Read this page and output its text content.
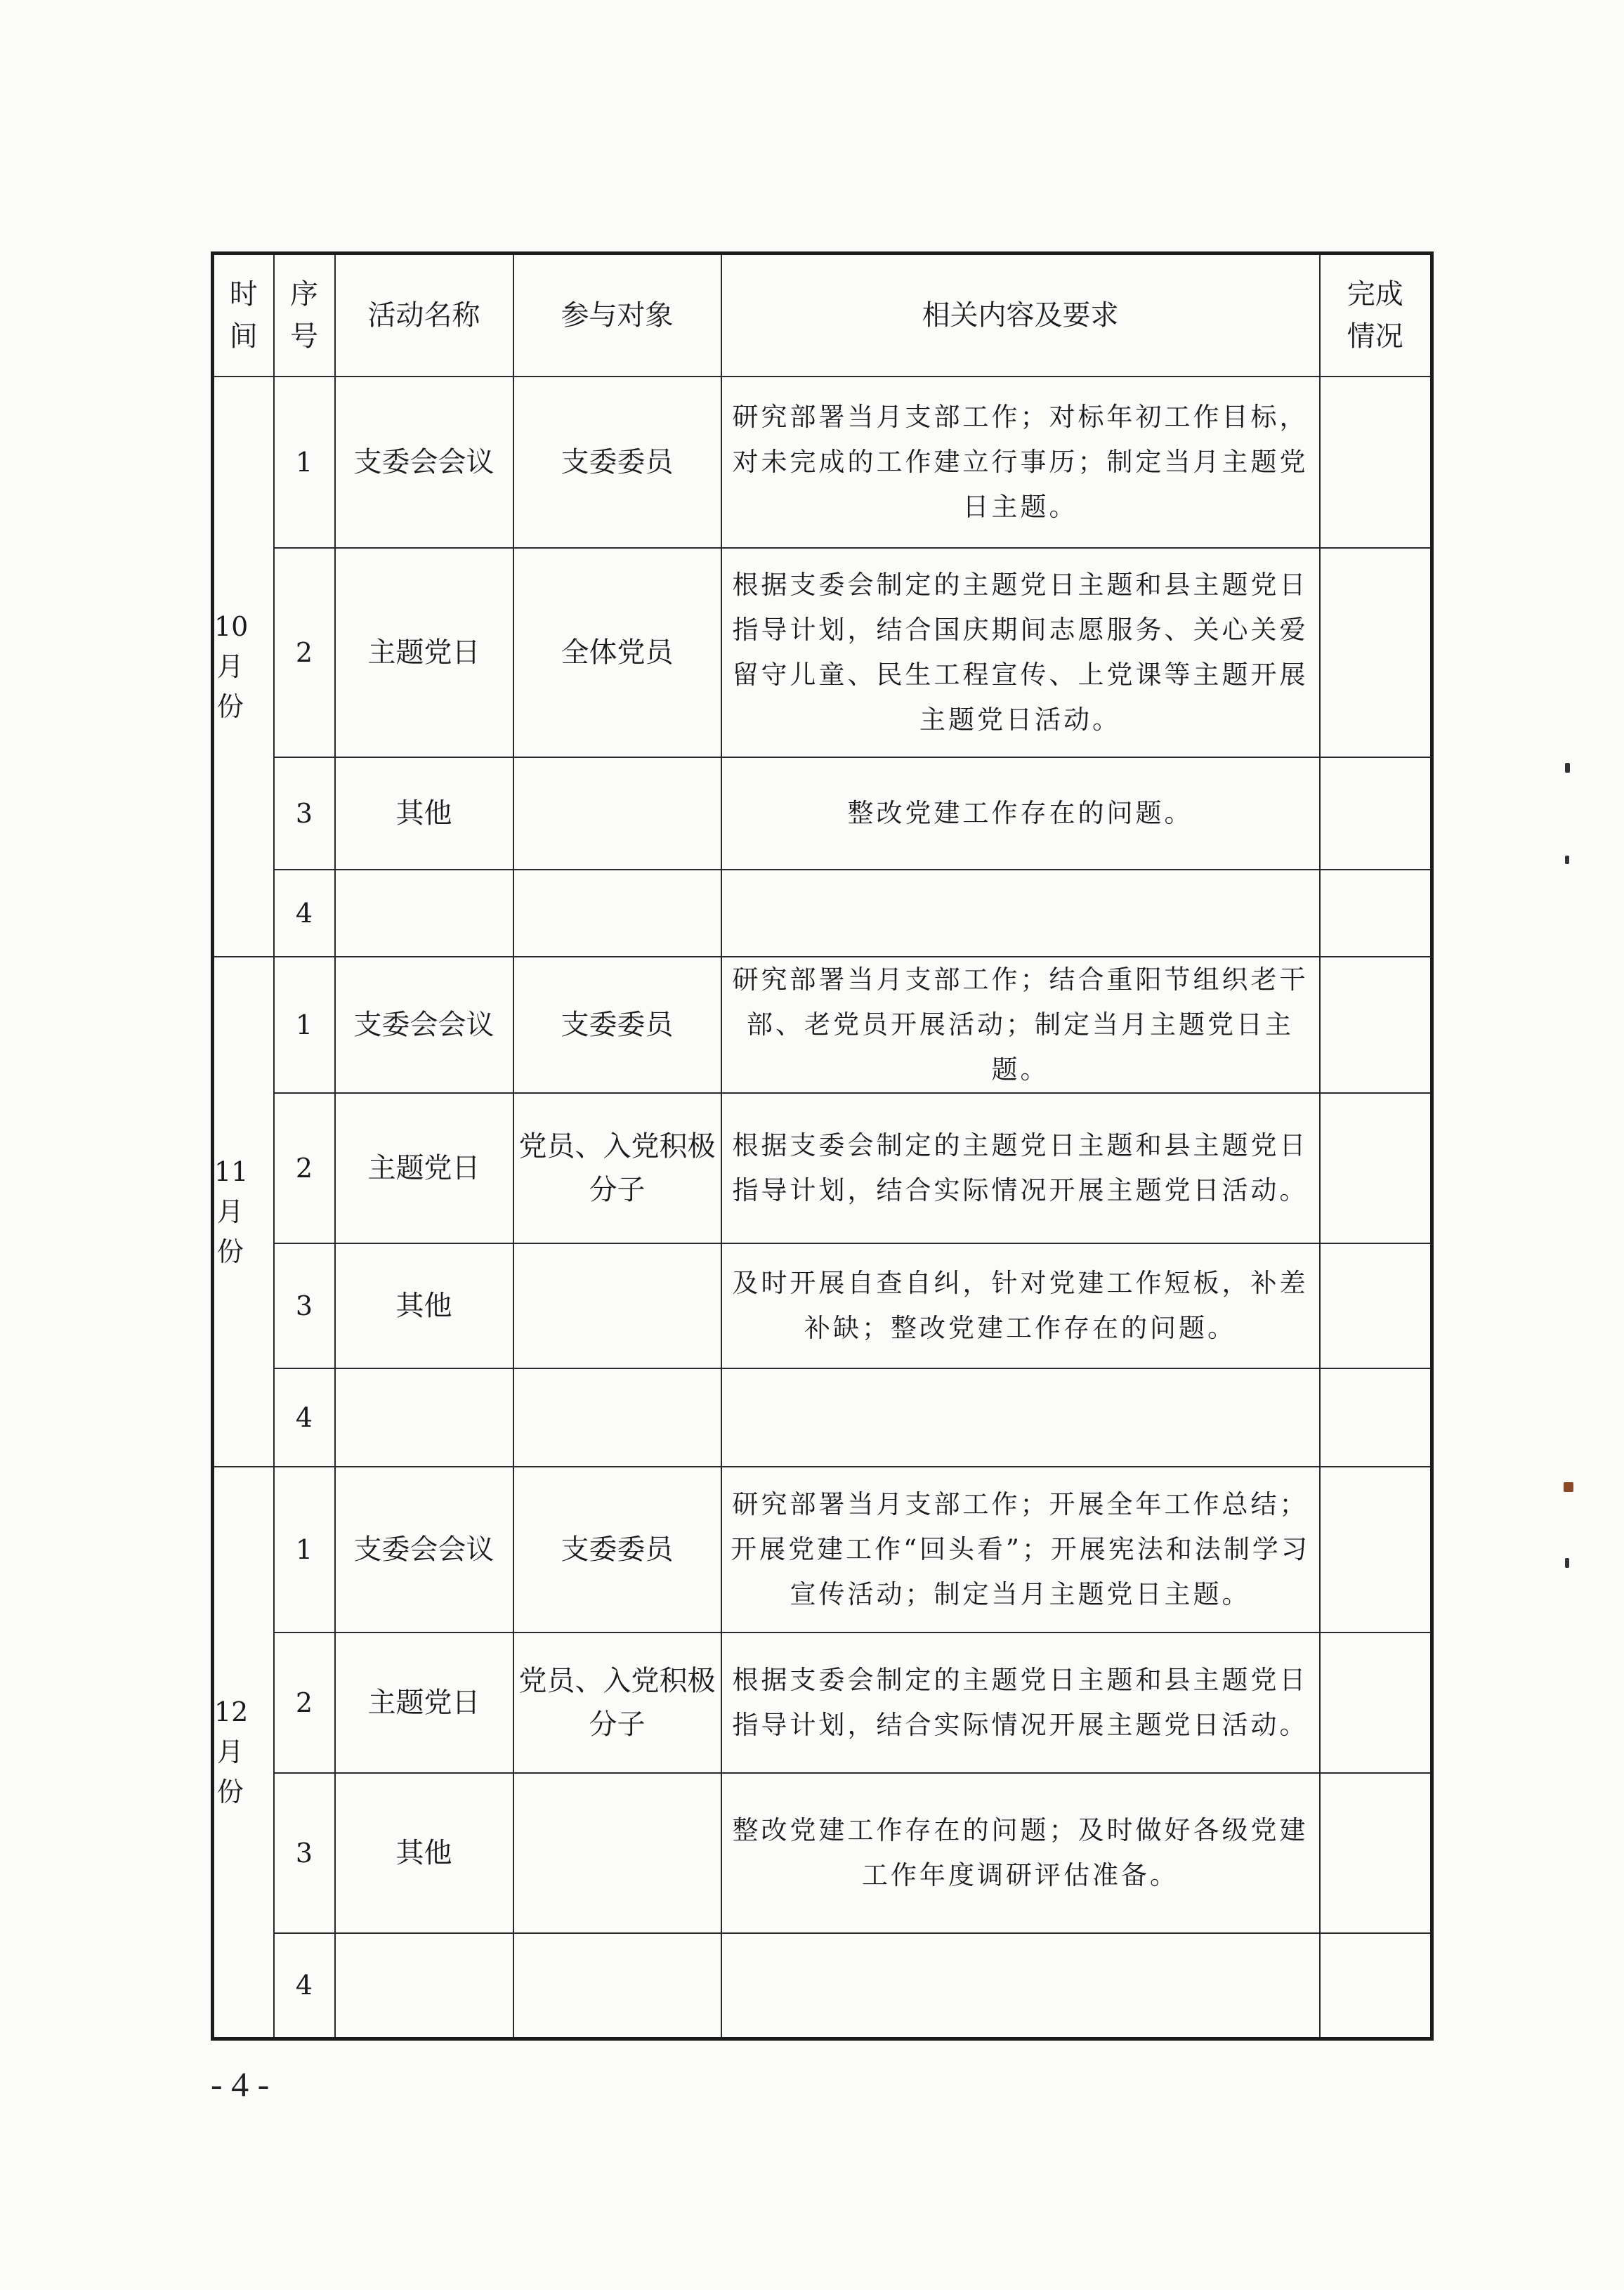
时间	序号	活动名称	参与对象	相关内容及要求	完成情况

10月份	1	支委会会议	支委委员	研究部署当月支部工作；对标年初工作目标，对未完成的工作建立行事历；制定当月主题党日主题。	
	2	主题党日	全体党员	根据支委会制定的主题党日主题和县主题党日指导计划，结合国庆期间志愿服务、关心关爱留守儿童、民生工程宣传、上党课等主题开展主题党日活动。	
	3	其他		整改党建工作存在的问题。	
	4				

11月份	1	支委会会议	支委委员	研究部署当月支部工作；结合重阳节组织老干部、老党员开展活动；制定当月主题党日主题。	
	2	主题党日	党员、入党积极分子	根据支委会制定的主题党日主题和县主题党日指导计划，结合实际情况开展主题党日活动。	
	3	其他		及时开展自查自纠，针对党建工作短板，补差补缺；整改党建工作存在的问题。	
	4				

12月份	1	支委会会议	支委委员	研究部署当月支部工作；开展全年工作总结；开展党建工作“回头看”；开展宪法和法制学习宣传活动；制定当月主题党日主题。	
	2	主题党日	党员、入党积极分子	根据支委会制定的主题党日主题和县主题党日指导计划，结合实际情况开展主题党日活动。	
	3	其他		整改党建工作存在的问题；及时做好各级党建工作年度调研评估准备。	
	4				
- 4 -
